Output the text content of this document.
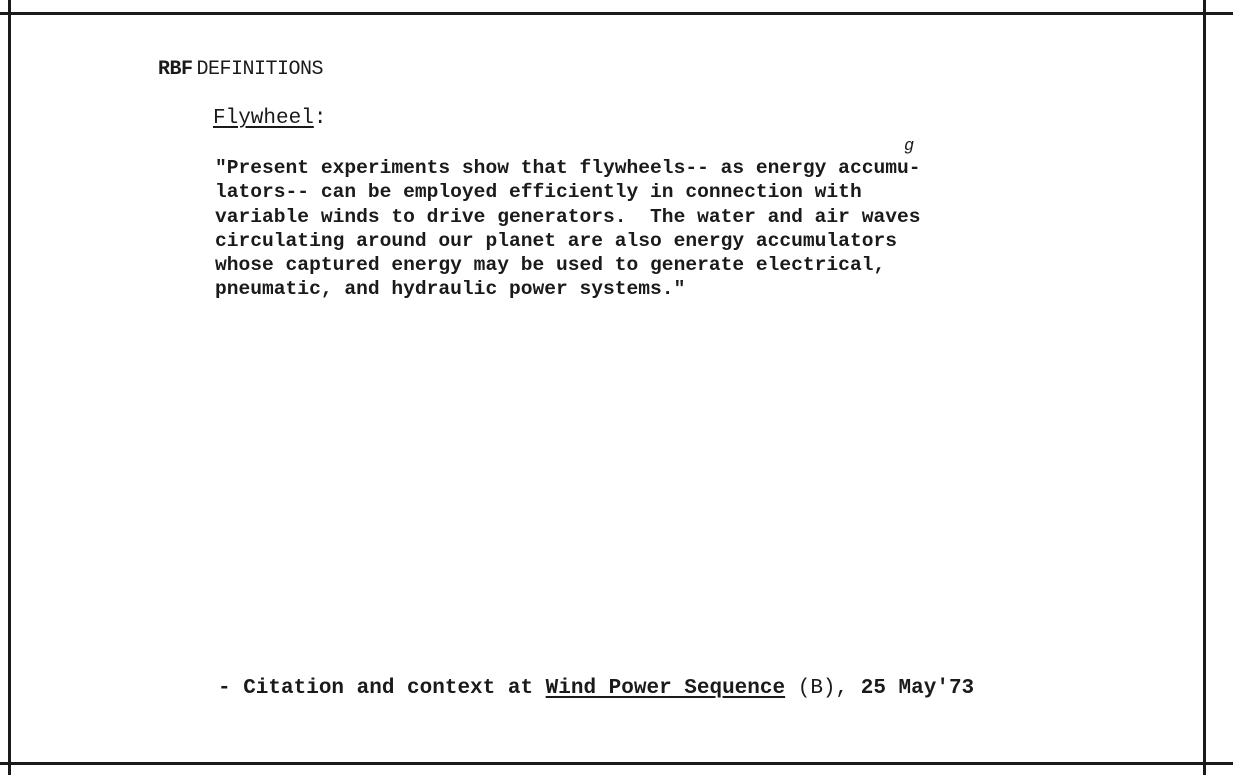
RBF DEFINITIONS
Flywheel:
g
"Present experiments show that flywheels-- as energy accumu-
lators-- can be employed efficiently in connection with
variable winds to drive generators.  The water and air waves
circulating around our planet are also energy accumulators
whose captured energy may be used to generate electrical,
pneumatic, and hydraulic power systems."
- Citation and context at Wind Power Sequence (B), 25 May'73
